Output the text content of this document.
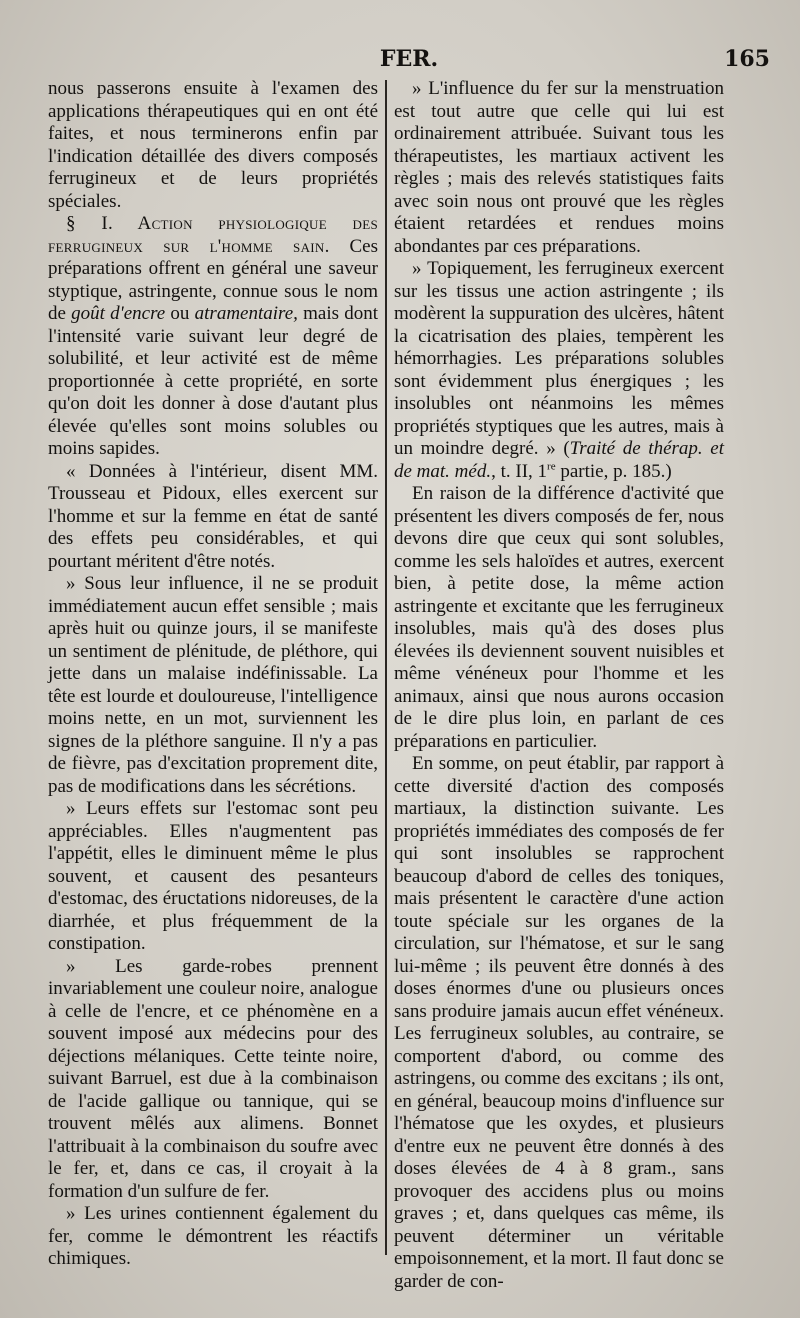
FER.	165

nous passerons ensuite à l'examen des applications thérapeutiques qui en ont été faites, et nous terminerons enfin par l'indication détaillée des divers composés ferrugineux et de leurs propriétés spéciales.

§ I. Action physiologique des ferrugineux sur l'homme sain. Ces préparations offrent en général une saveur styptique, astringente, connue sous le nom de goût d'encre ou atramentaire, mais dont l'intensité varie suivant leur degré de solubilité, et leur activité est de même proportionnée à cette propriété, en sorte qu'on doit les donner à dose d'autant plus élevée qu'elles sont moins solubles ou moins sapides.

« Données à l'intérieur, disent MM. Trousseau et Pidoux, elles exercent sur l'homme et sur la femme en état de santé des effets peu considérables, et qui pourtant méritent d'être notés.

» Sous leur influence, il ne se produit immédiatement aucun effet sensible ; mais après huit ou quinze jours, il se manifeste un sentiment de plénitude, de pléthore, qui jette dans un malaise indéfinissable. La tête est lourde et douloureuse, l'intelligence moins nette, en un mot, surviennent les signes de la pléthore sanguine. Il n'y a pas de fièvre, pas d'excitation proprement dite, pas de modifications dans les sécrétions.

» Leurs effets sur l'estomac sont peu appréciables. Elles n'augmentent pas l'appétit, elles le diminuent même le plus souvent, et causent des pesanteurs d'estomac, des éructations nidoreuses, de la diarrhée, et plus fréquemment de la constipation.

» Les garde-robes prennent invariablement une couleur noire, analogue à celle de l'encre, et ce phénomène en a souvent imposé aux médecins pour des déjections mélaniques. Cette teinte noire, suivant Barruel, est due à la combinaison de l'acide gallique ou tannique, qui se trouvent mêlés aux alimens. Bonnet l'attribuait à la combinaison du soufre avec le fer, et, dans ce cas, il croyait à la formation d'un sulfure de fer.

» Les urines contiennent également du fer, comme le démontrent les réactifs chimiques.

» L'influence du fer sur la menstruation est tout autre que celle qui lui est ordinairement attribuée. Suivant tous les thérapeutistes, les martiaux activent les règles ; mais des relevés statistiques faits avec soin nous ont prouvé que les règles étaient retardées et rendues moins abondantes par ces préparations.

» Topiquement, les ferrugineux exercent sur les tissus une action astringente ; ils modèrent la suppuration des ulcères, hâtent la cicatrisation des plaies, tempèrent les hémorrhagies. Les préparations solubles sont évidemment plus énergiques ; les insolubles ont néanmoins les mêmes propriétés styptiques que les autres, mais à un moindre degré. » (Traité de thérap. et de mat. méd., t. II, 1re partie, p. 185.)

En raison de la différence d'activité que présentent les divers composés de fer, nous devons dire que ceux qui sont solubles, comme les sels haloïdes et autres, exercent bien, à petite dose, la même action astringente et excitante que les ferrugineux insolubles, mais qu'à des doses plus élevées ils deviennent souvent nuisibles et même vénéneux pour l'homme et les animaux, ainsi que nous aurons occasion de le dire plus loin, en parlant de ces préparations en particulier.

En somme, on peut établir, par rapport à cette diversité d'action des composés martiaux, la distinction suivante. Les propriétés immédiates des composés de fer qui sont insolubles se rapprochent beaucoup d'abord de celles des toniques, mais présentent le caractère d'une action toute spéciale sur les organes de la circulation, sur l'hématose, et sur le sang lui-même ; ils peuvent être donnés à des doses énormes d'une ou plusieurs onces sans produire jamais aucun effet vénéneux. Les ferrugineux solubles, au contraire, se comportent d'abord, ou comme des astringens, ou comme des excitans ; ils ont, en général, beaucoup moins d'influence sur l'hématose que les oxydes, et plusieurs d'entre eux ne peuvent être donnés à des doses élevées de 4 à 8 gram., sans provoquer des accidens plus ou moins graves ; et, dans quelques cas même, ils peuvent déterminer un véritable empoisonnement, et la mort. Il faut donc se garder de con-
